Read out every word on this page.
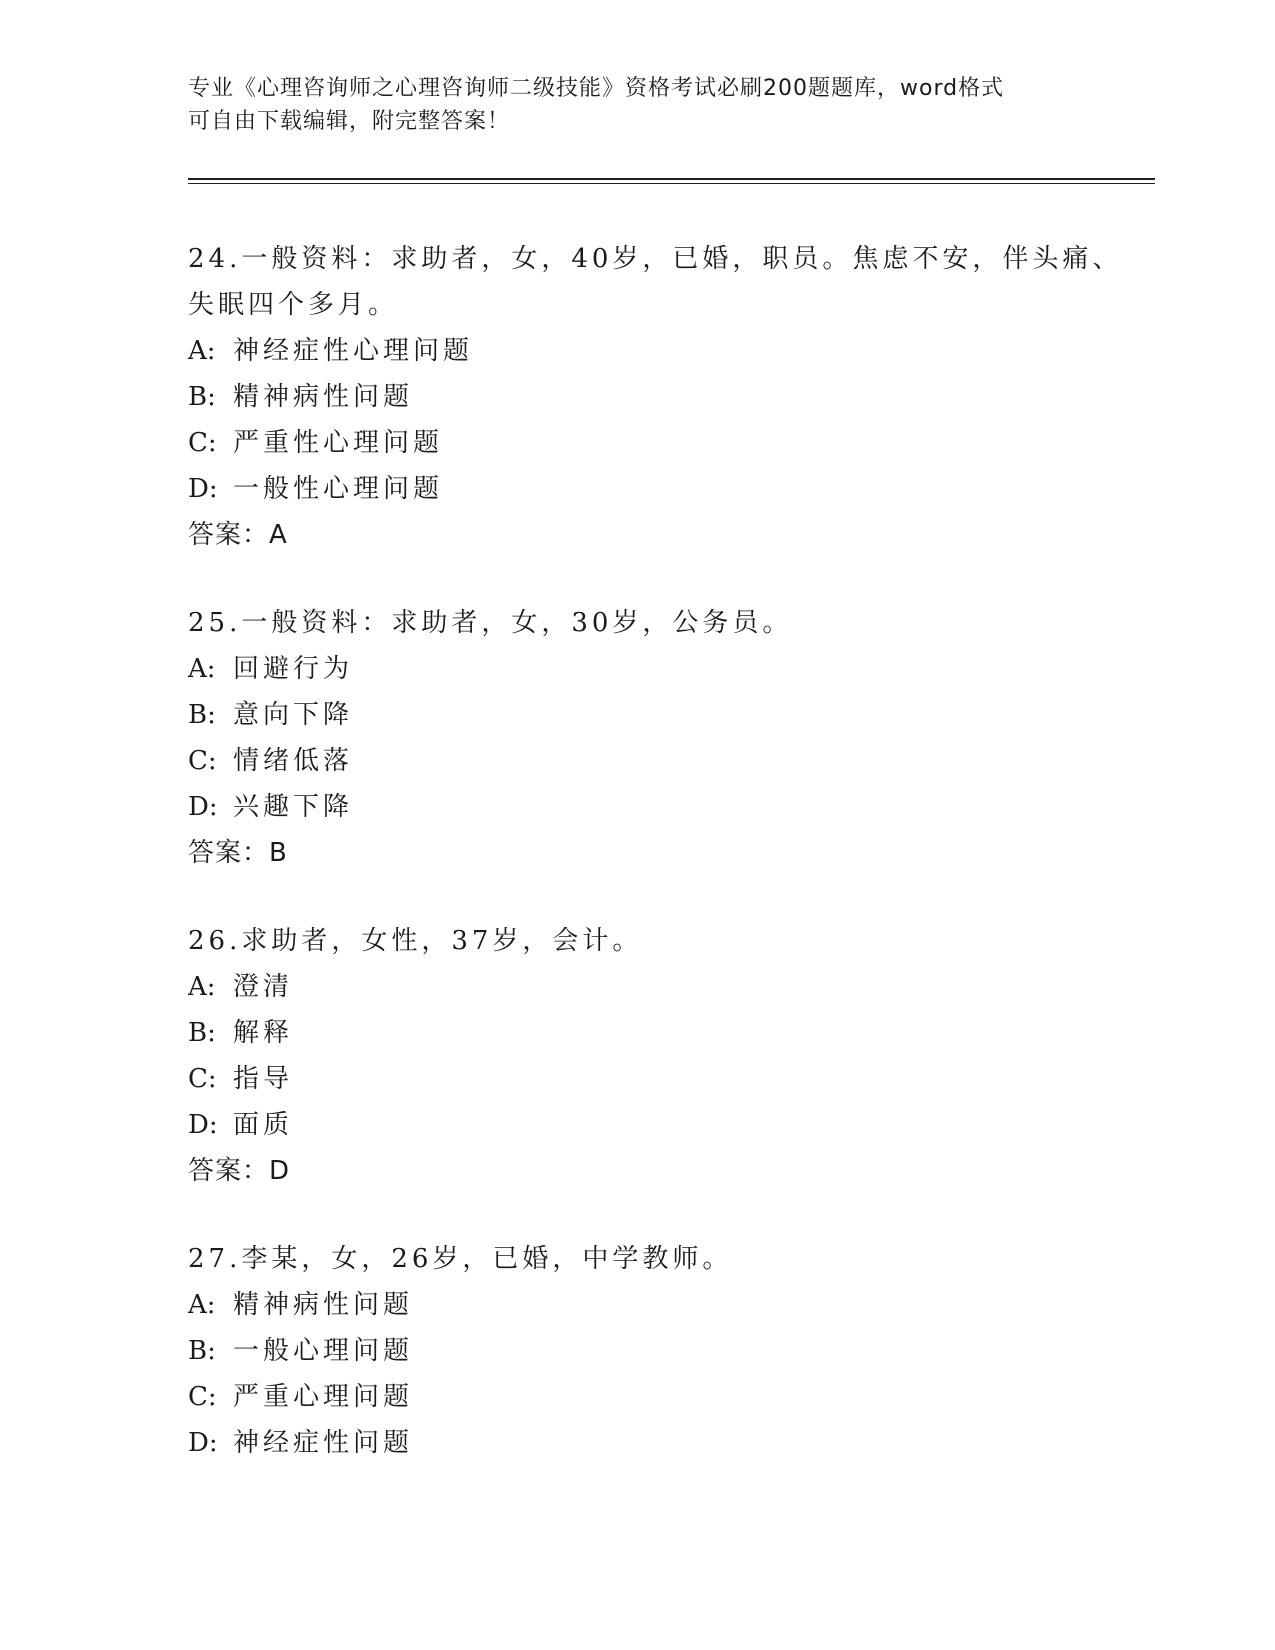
专业《心理咨询师之心理咨询师二级技能》资格考试必刷200题题库，word格式
可自由下载编辑，附完整答案！
24.一般资料：求助者，女，40岁，已婚，职员。焦虑不安，伴头痛、
失眠四个多月。
A: 神经症性心理问题
B: 精神病性问题
C: 严重性心理问题
D: 一般性心理问题
答案：A
25.一般资料：求助者，女，30岁，公务员。
A: 回避行为
B: 意向下降
C: 情绪低落
D: 兴趣下降
答案：B
26.求助者，女性，37岁，会计。
A: 澄清
B: 解释
C: 指导
D: 面质
答案：D
27.李某，女，26岁，已婚，中学教师。
A: 精神病性问题
B: 一般心理问题
C: 严重心理问题
D: 神经症性问题
